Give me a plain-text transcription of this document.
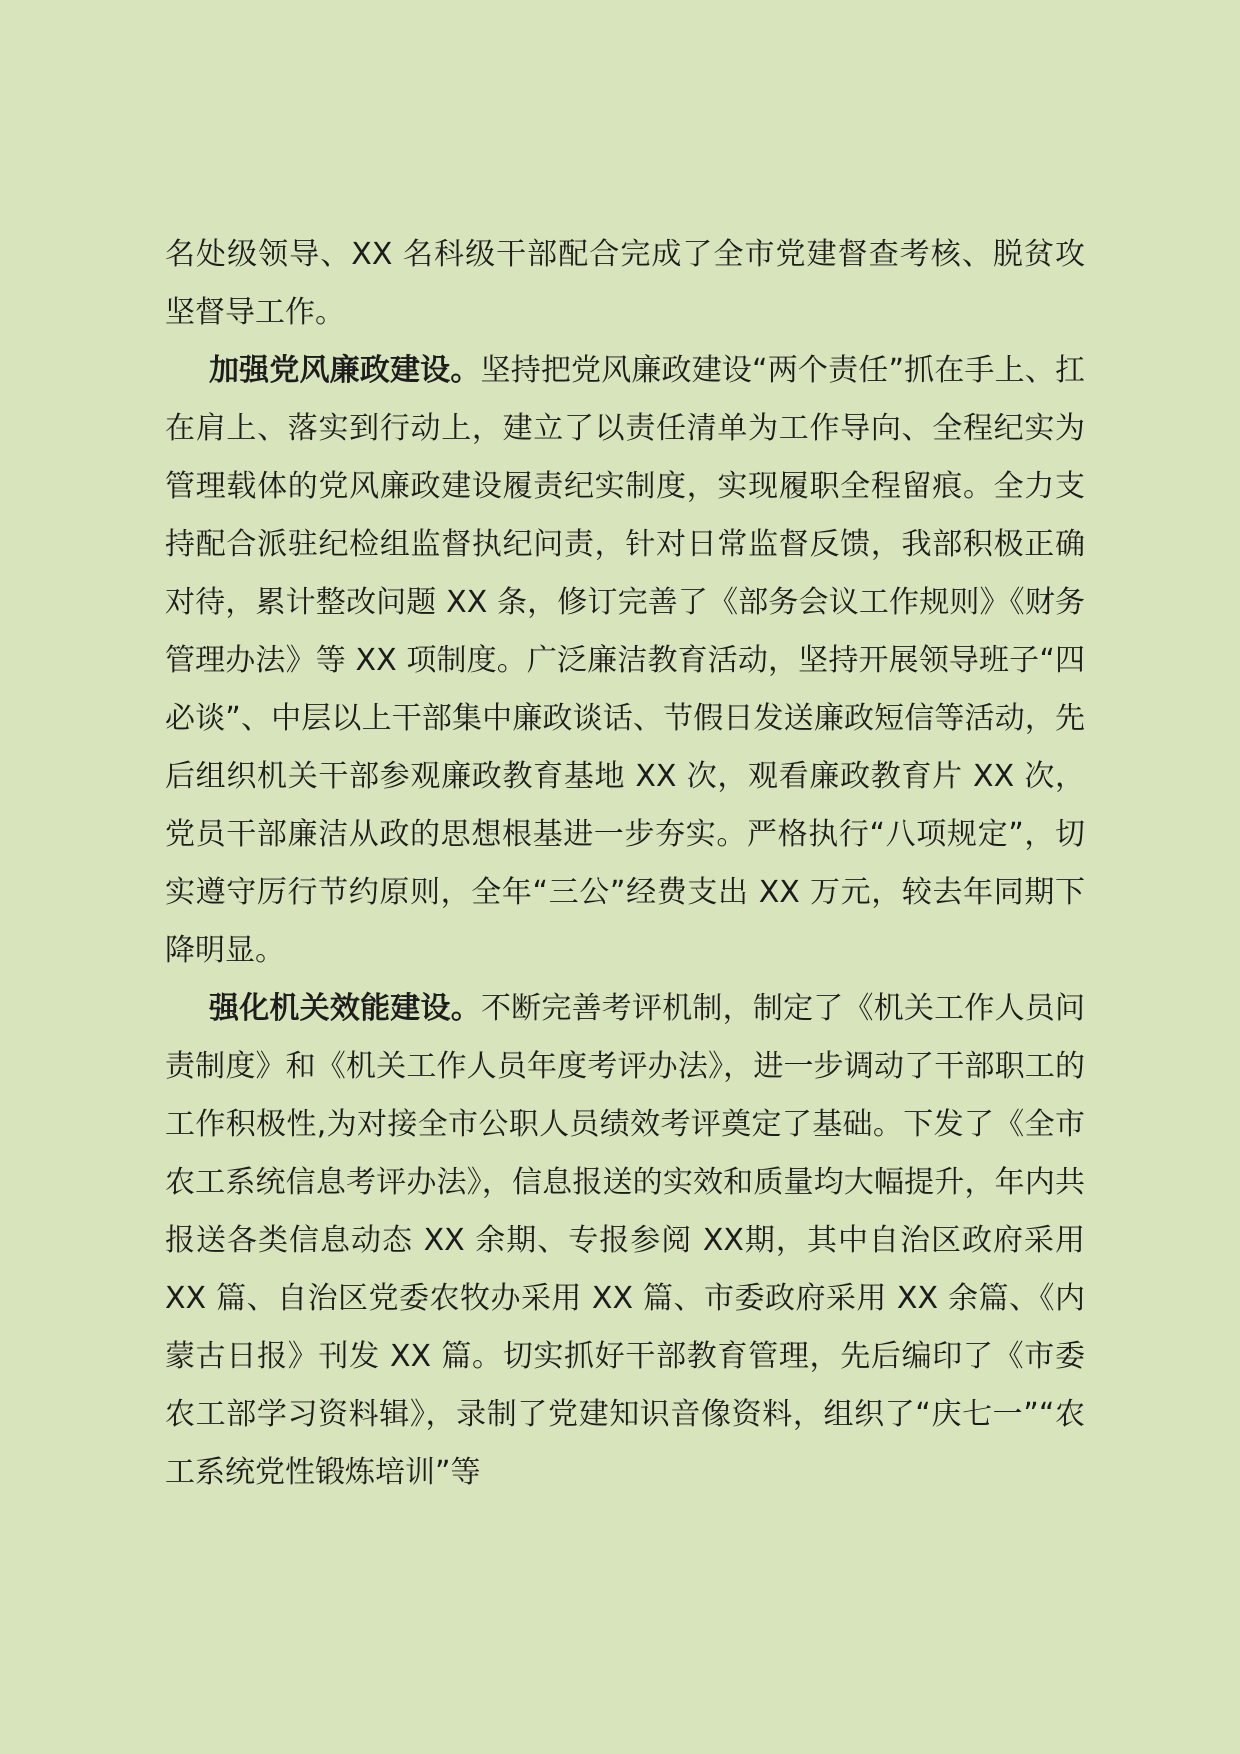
名处级领导、XX 名科级干部配合完成了全市党建督查考核、脱贫攻坚督导工作。

加强党风廉政建设。坚持把党风廉政建设“两个责任”抓在手上、扛在肩上、落实到行动上，建立了以责任清单为工作导向、全程纪实为管理载体的党风廉政建设履责纪实制度，实现履职全程留痕。全力支持配合派驻纪检组监督执纪问责，针对日常监督反馈，我部积极正确对待，累计整改问题 XX 条，修订完善了《部务会议工作规则》《财务管理办法》等 XX 项制度。广泛廉洁教育活动，坚持开展领导班子“四必谈”、中层以上干部集中廉政谈话、节假日发送廉政短信等活动，先后组织机关干部参观廉政教育基地 XX 次，观看廉政教育片 XX 次，党员干部廉洁从政的思想根基进一步夯实。严格执行“八项规定”，切实遵守厉行节约原则，全年“三公”经费支出 XX 万元，较去年同期下降明显。

强化机关效能建设。不断完善考评机制，制定了《机关工作人员问责制度》和《机关工作人员年度考评办法》，进一步调动了干部职工的工作积极性,为对接全市公职人员绩效考评奠定了基础。下发了《全市农工系统信息考评办法》，信息报送的实效和质量均大幅提升，年内共报送各类信息动态 XX 余期、专报参阅 XX期，其中自治区政府采用 XX 篇、自治区党委农牧办采用 XX 篇、市委政府采用 XX 余篇、《内蒙古日报》刊发 XX 篇。切实抓好干部教育管理，先后编印了《市委农工部学习资料辑》，录制了党建知识音像资料，组织了“庆七一”“农工系统党性锻炼培训”等
